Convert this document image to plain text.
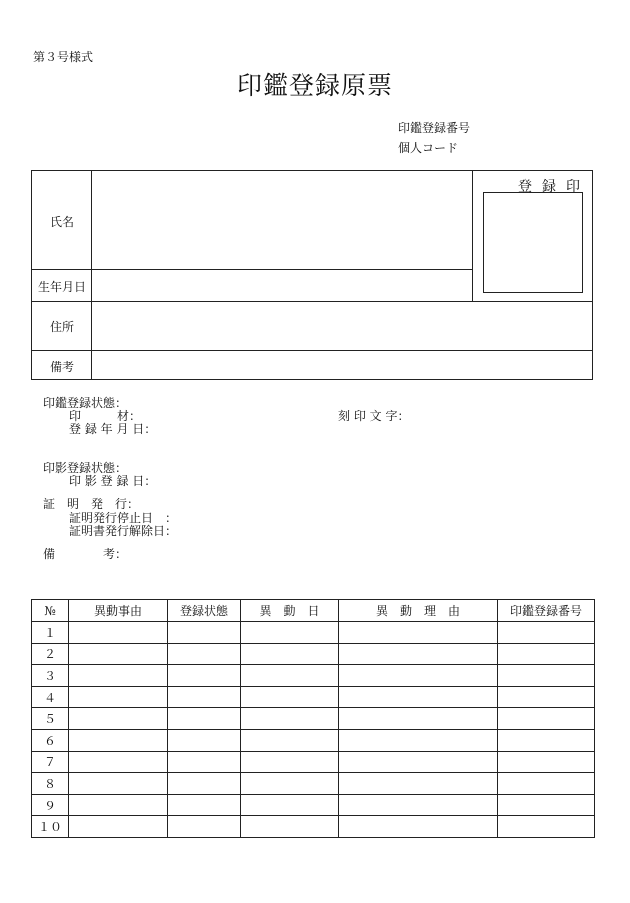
第３号様式
印鑑登録原票
印鑑登録番号
個人コード
氏名
生年月日
住所
備考
登録印
印鑑登録状態：
印　　　材：	刻 印 文 字：
登 録 年 月 日：
印影登録状態：
印 影 登 録 日：
証　明　発　行：
証明発行停止日　：
証明書発行解除日：
備　　　　考：
№	異動事由	登録状態	異　動　日	異　動　理　由	印鑑登録番号
１					
２					
３					
４					
５					
６					
７					
８					
９					
１０					
